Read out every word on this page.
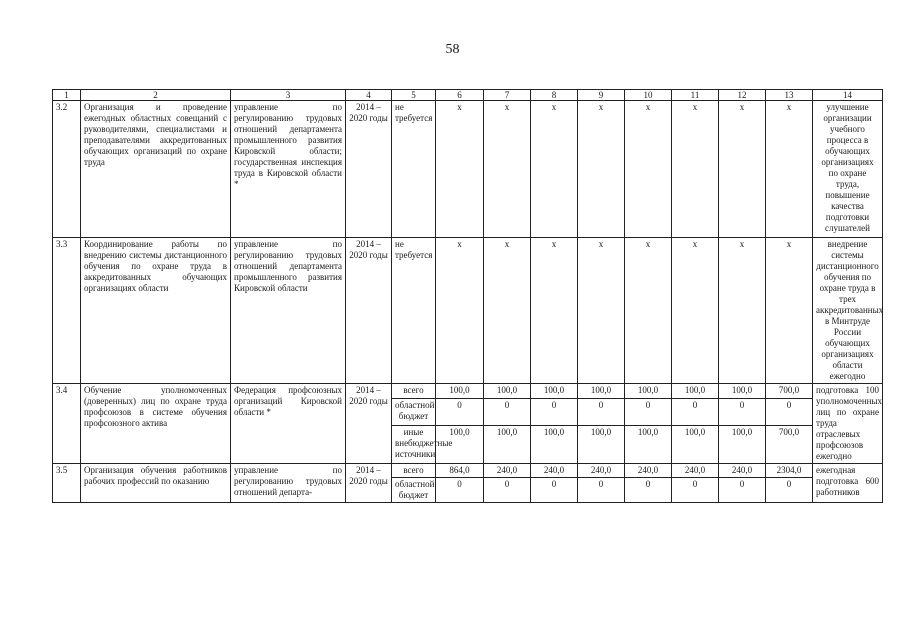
58
1	2	3	4	5	6	7	8	9	10	11	12	13	14
3.2	Организация и проведение ежегодных областных совещаний с руководителями, специалистами и преподавателями аккредитованных обучающих организаций по охране труда	управление по регулированию трудовых отношений департамента промышленного развития Кировской области; государственная инспекция труда в Кировской области *	2014 – 2020 годы	не требуется	х	х	х	х	х	х	х	х	улучшение организации учебного процесса в обучающих организациях по охране труда, повышение качества подготовки слушателей
3.3	Координирование работы по внедрению системы дистанционного обучения по охране труда в аккредитованных обучающих организациях области	управление по регулированию трудовых отношений департамента промышленного развития Кировской области	2014 – 2020 годы	не требуется	х	х	х	х	х	х	х	х	внедрение системы дистанционного обучения по охране труда в трех аккредитованных в Минтруде России обучающих организациях области ежегодно
3.4	Обучение уполномоченных (доверенных) лиц по охране труда профсоюзов в системе обучения профсоюзного актива	Федерация профсоюзных организаций Кировской области *	2014 – 2020 годы	всего	100,0	100,0	100,0	100,0	100,0	100,0	100,0	700,0	подготовка 100 уполномоченных лиц по охране труда отраслевых профсоюзов ежегодно
				областной бюджет	0	0	0	0	0	0	0	0	
				иные внебюджетные источники	100,0	100,0	100,0	100,0	100,0	100,0	100,0	700,0	
3.5	Организация обучения работников рабочих профессий по оказанию	управление по регулированию трудовых отношений департа-	2014 – 2020 годы	всего	864,0	240,0	240,0	240,0	240,0	240,0	240,0	2304,0	ежегодная подготовка 600 работников
				областной бюджет	0	0	0	0	0	0	0	0	
